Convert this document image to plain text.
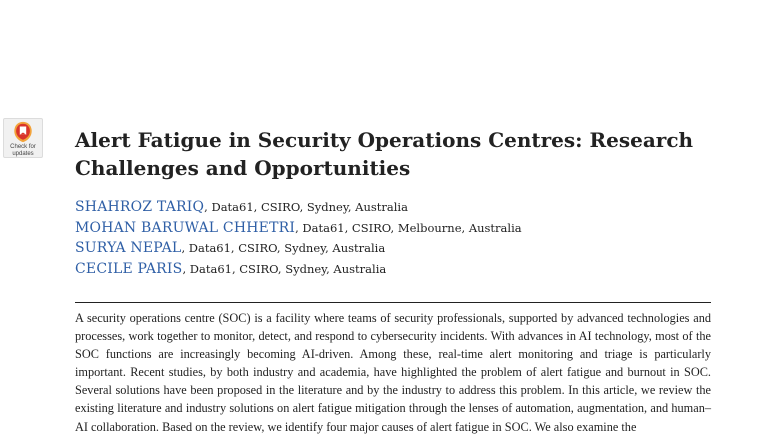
Check for
updates
Alert Fatigue in Security Operations Centres: Research Challenges and Opportunities
SHAHROZ TARIQ, Data61, CSIRO, Sydney, Australia
MOHAN BARUWAL CHHETRI, Data61, CSIRO, Melbourne, Australia
SURYA NEPAL, Data61, CSIRO, Sydney, Australia
CECILE PARIS, Data61, CSIRO, Sydney, Australia

A security operations centre (SOC) is a facility where teams of security professionals, supported by advanced technologies and processes, work together to monitor, detect, and respond to cybersecurity incidents. With advances in AI technology, most of the SOC functions are increasingly becoming AI-driven. Among these, real-time alert monitoring and triage is particularly important. Recent studies, by both industry and academia, have highlighted the problem of alert fatigue and burnout in SOC. Several solutions have been proposed in the literature and by the industry to address this problem. In this article, we review the existing literature and industry solutions on alert fatigue mitigation through the lenses of automation, augmentation, and human–AI collaboration. Based on the review, we identify four major causes of alert fatigue in SOC. We also examine the
